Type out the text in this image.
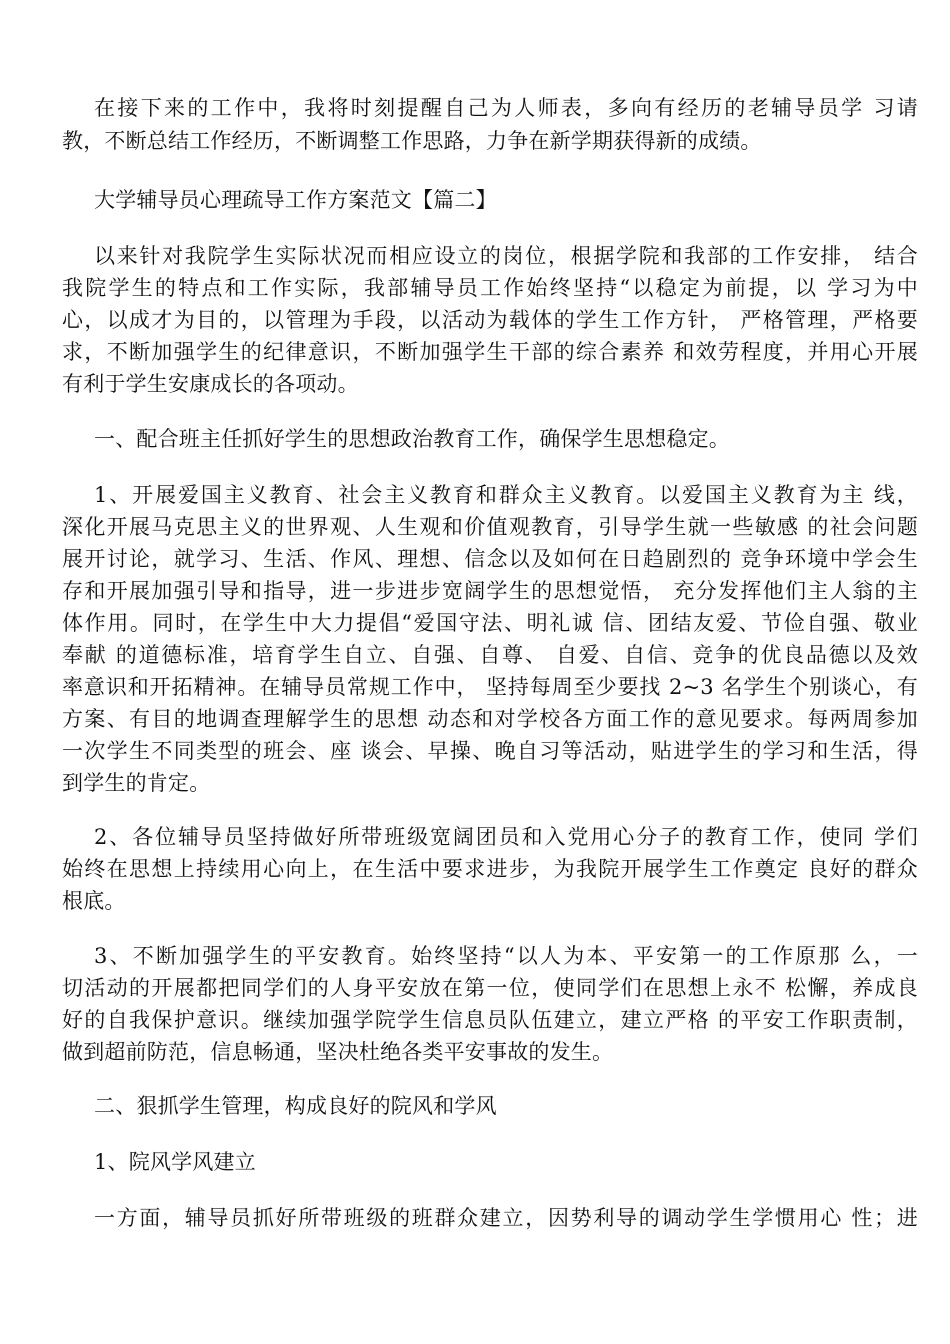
在接下来的工作中，我将时刻提醒自己为人师表，多向有经历的老辅导员学 习请
教，不断总结工作经历，不断调整工作思路，力争在新学期获得新的成绩。
大学辅导员心理疏导工作方案范文【篇二】
以来针对我院学生实际状况而相应设立的岗位，根据学院和我部的工作安排， 结合
我院学生的特点和工作实际，我部辅导员工作始终坚持“以稳定为前提，以 学习为中
心，以成才为目的，以管理为手段，以活动为载体的学生工作方针， 严格管理，严格要
求，不断加强学生的纪律意识，不断加强学生干部的综合素养 和效劳程度，并用心开展
有利于学生安康成长的各项动。
一、配合班主任抓好学生的思想政治教育工作，确保学生思想稳定。
1、开展爱国主义教育、社会主义教育和群众主义教育。以爱国主义教育为主 线，
深化开展马克思主义的世界观、人生观和价值观教育，引导学生就一些敏感 的社会问题
展开讨论，就学习、生活、作风、理想、信念以及如何在日趋剧烈的 竞争环境中学会生
存和开展加强引导和指导，进一步进步宽阔学生的思想觉悟， 充分发挥他们主人翁的主
体作用。同时，在学生中大力提倡“爱国守法、明礼诚 信、团结友爱、节俭自强、敬业
奉献 的道德标准，培育学生自立、自强、自尊、 自爱、自信、竞争的优良品德以及效
率意识和开拓精神。在辅导员常规工作中， 坚持每周至少要找 2~3 名学生个别谈心，有
方案、有目的地调查理解学生的思想 动态和对学校各方面工作的意见要求。每两周参加
一次学生不同类型的班会、座 谈会、早操、晚自习等活动，贴进学生的学习和生活，得
到学生的肯定。
2、各位辅导员坚持做好所带班级宽阔团员和入党用心分子的教育工作，使同 学们
始终在思想上持续用心向上，在生活中要求进步，为我院开展学生工作奠定 良好的群众
根底。
3、不断加强学生的平安教育。始终坚持“以人为本、平安第一的工作原那 么，一
切活动的开展都把同学们的人身平安放在第一位，使同学们在思想上永不 松懈，养成良
好的自我保护意识。继续加强学院学生信息员队伍建立，建立严格 的平安工作职责制，
做到超前防范，信息畅通，坚决杜绝各类平安事故的发生。
二、狠抓学生管理，构成良好的院风和学风
1、院风学风建立
一方面，辅导员抓好所带班级的班群众建立，因势利导的调动学生学惯用心 性；进
